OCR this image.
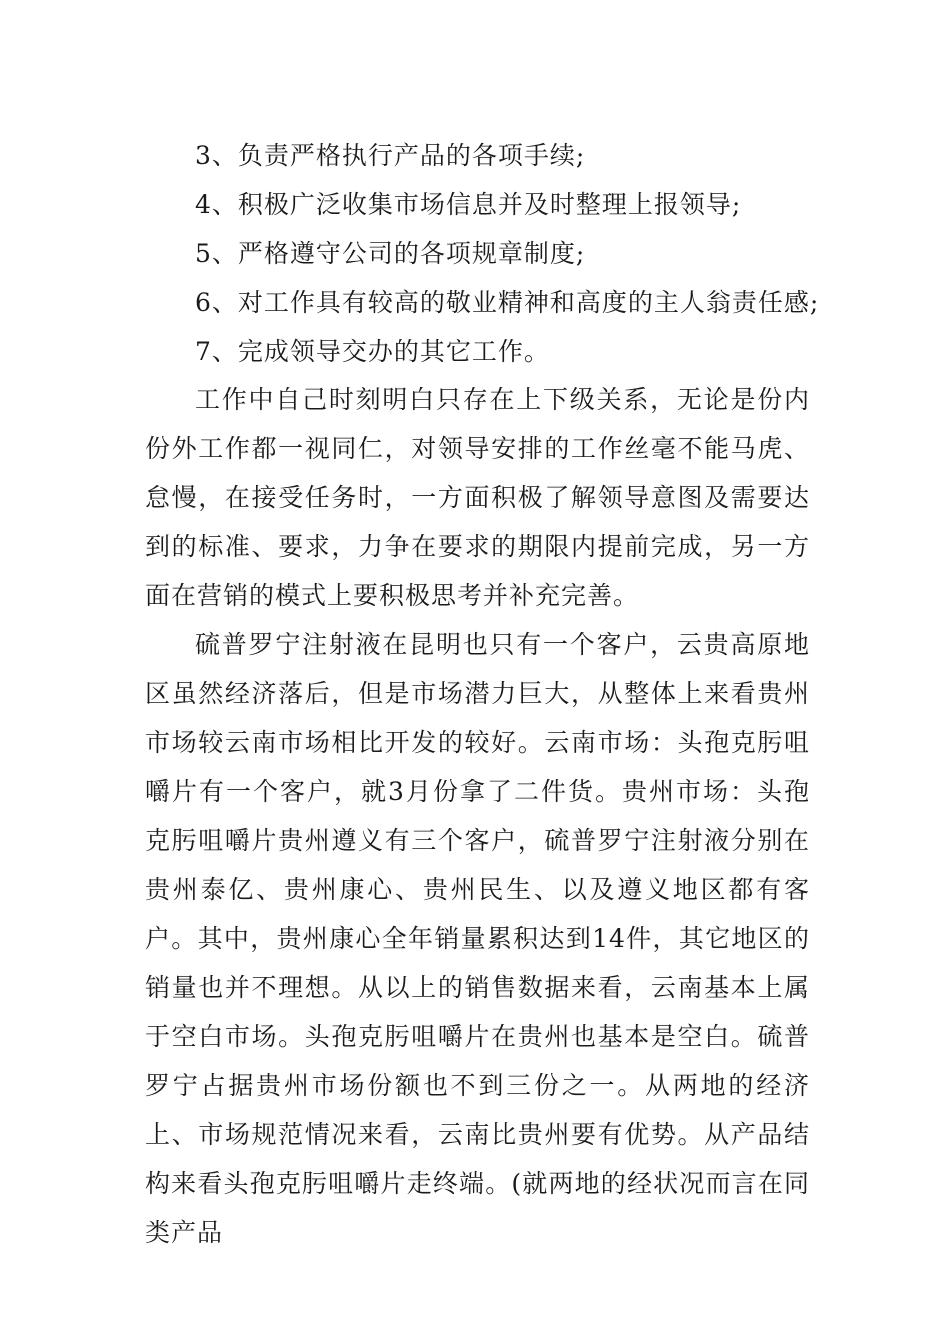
3、负责严格执行产品的各项手续;
4、积极广泛收集市场信息并及时整理上报领导;
5、严格遵守公司的各项规章制度;
6、对工作具有较高的敬业精神和高度的主人翁责任感;
7、完成领导交办的其它工作。

工作中自己时刻明白只存在上下级关系，无论是份内份外工作都一视同仁，对领导安排的工作丝毫不能马虎、怠慢，在接受任务时，一方面积极了解领导意图及需要达到的标准、要求，力争在要求的期限内提前完成，另一方面在营销的模式上要积极思考并补充完善。

硫普罗宁注射液在昆明也只有一个客户，云贵高原地区虽然经济落后，但是市场潜力巨大，从整体上来看贵州市场较云南市场相比开发的较好。云南市场：头孢克肟咀嚼片有一个客户，就3月份拿了二件货。贵州市场：头孢克肟咀嚼片贵州遵义有三个客户，硫普罗宁注射液分别在贵州泰亿、贵州康心、贵州民生、以及遵义地区都有客户。其中，贵州康心全年销量累积达到14件，其它地区的销量也并不理想。从以上的销售数据来看，云南基本上属于空白市场。头孢克肟咀嚼片在贵州也基本是空白。硫普罗宁占据贵州市场份额也不到三份之一。从两地的经济上、市场规范情况来看，云南比贵州要有优势。从产品结构来看头孢克肟咀嚼片走终端。(就两地的经状况而言在同类产品
